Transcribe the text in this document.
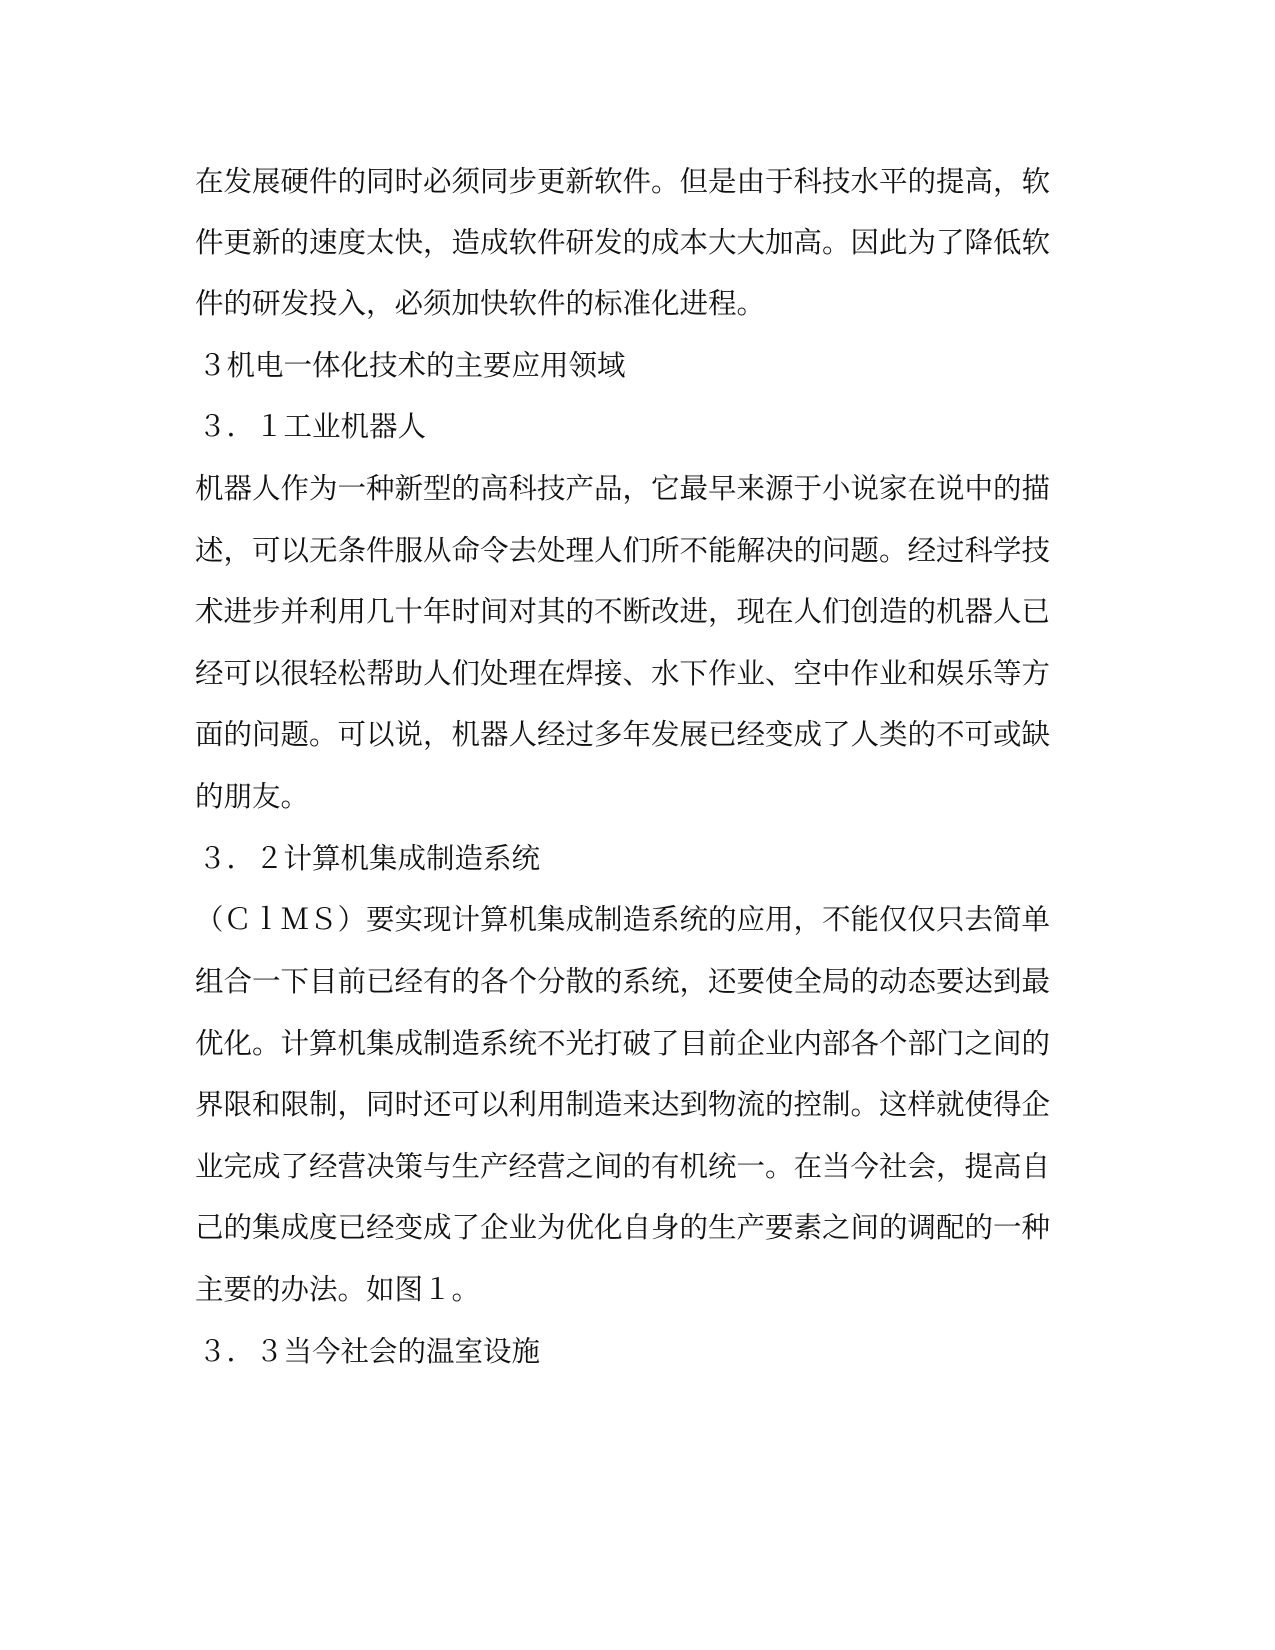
在发展硬件的同时必须同步更新软件。但是由于科技水平的提高，软
件更新的速度太快，造成软件研发的成本大大加高。因此为了降低软
件的研发投入，必须加快软件的标准化进程。
３机电一体化技术的主要应用领域
３．１工业机器人
机器人作为一种新型的高科技产品，它最早来源于小说家在说中的描
述，可以无条件服从命令去处理人们所不能解决的问题。经过科学技
术进步并利用几十年时间对其的不断改进，现在人们创造的机器人已
经可以很轻松帮助人们处理在焊接、水下作业、空中作业和娱乐等方
面的问题。可以说，机器人经过多年发展已经变成了人类的不可或缺
的朋友。
３．２计算机集成制造系统
（ＣｌＭＳ）要实现计算机集成制造系统的应用，不能仅仅只去简单
组合一下目前已经有的各个分散的系统，还要使全局的动态要达到最
优化。计算机集成制造系统不光打破了目前企业内部各个部门之间的
界限和限制，同时还可以利用制造来达到物流的控制。这样就使得企
业完成了经营决策与生产经营之间的有机统一。在当今社会，提高自
己的集成度已经变成了企业为优化自身的生产要素之间的调配的一种
主要的办法。如图１。
３．３当今社会的温室设施
